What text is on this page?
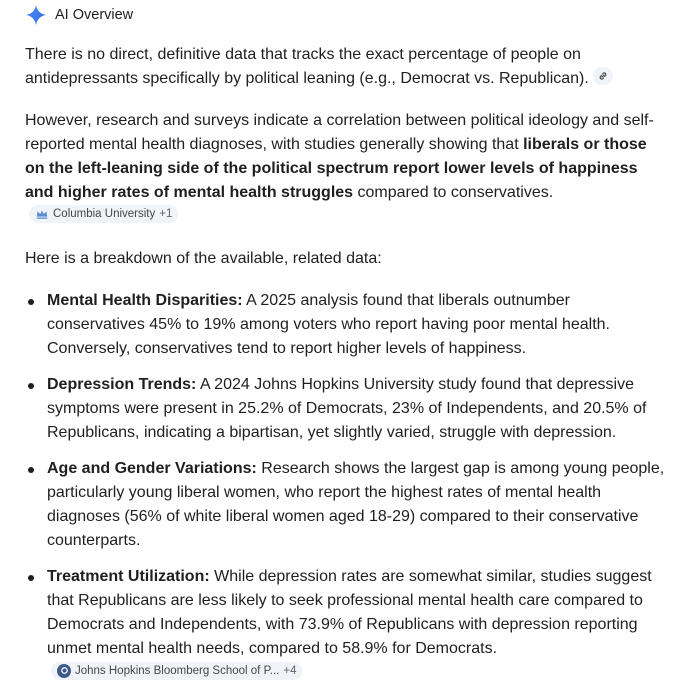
AI Overview

There is no direct, definitive data that tracks the exact percentage of people on antidepressants specifically by political leaning (e.g., Democrat vs. Republican).

However, research and surveys indicate a correlation between political ideology and self-reported mental health diagnoses, with studies generally showing that liberals or those on the left-leaning side of the political spectrum report lower levels of happiness and higher rates of mental health struggles compared to conservatives.
Columbia University +1

Here is a breakdown of the available, related data:

Mental Health Disparities: A 2025 analysis found that liberals outnumber conservatives 45% to 19% among voters who report having poor mental health. Conversely, conservatives tend to report higher levels of happiness.
Depression Trends: A 2024 Johns Hopkins University study found that depressive symptoms were present in 25.2% of Democrats, 23% of Independents, and 20.5% of Republicans, indicating a bipartisan, yet slightly varied, struggle with depression.
Age and Gender Variations: Research shows the largest gap is among young people, particularly young liberal women, who report the highest rates of mental health diagnoses (56% of white liberal women aged 18-29) compared to their conservative counterparts.
Treatment Utilization: While depression rates are somewhat similar, studies suggest that Republicans are less likely to seek professional mental health care compared to Democrats and Independents, with 73.9% of Republicans with depression reporting unmet mental health needs, compared to 58.9% for Democrats.
Johns Hopkins Bloomberg School of P... +4
